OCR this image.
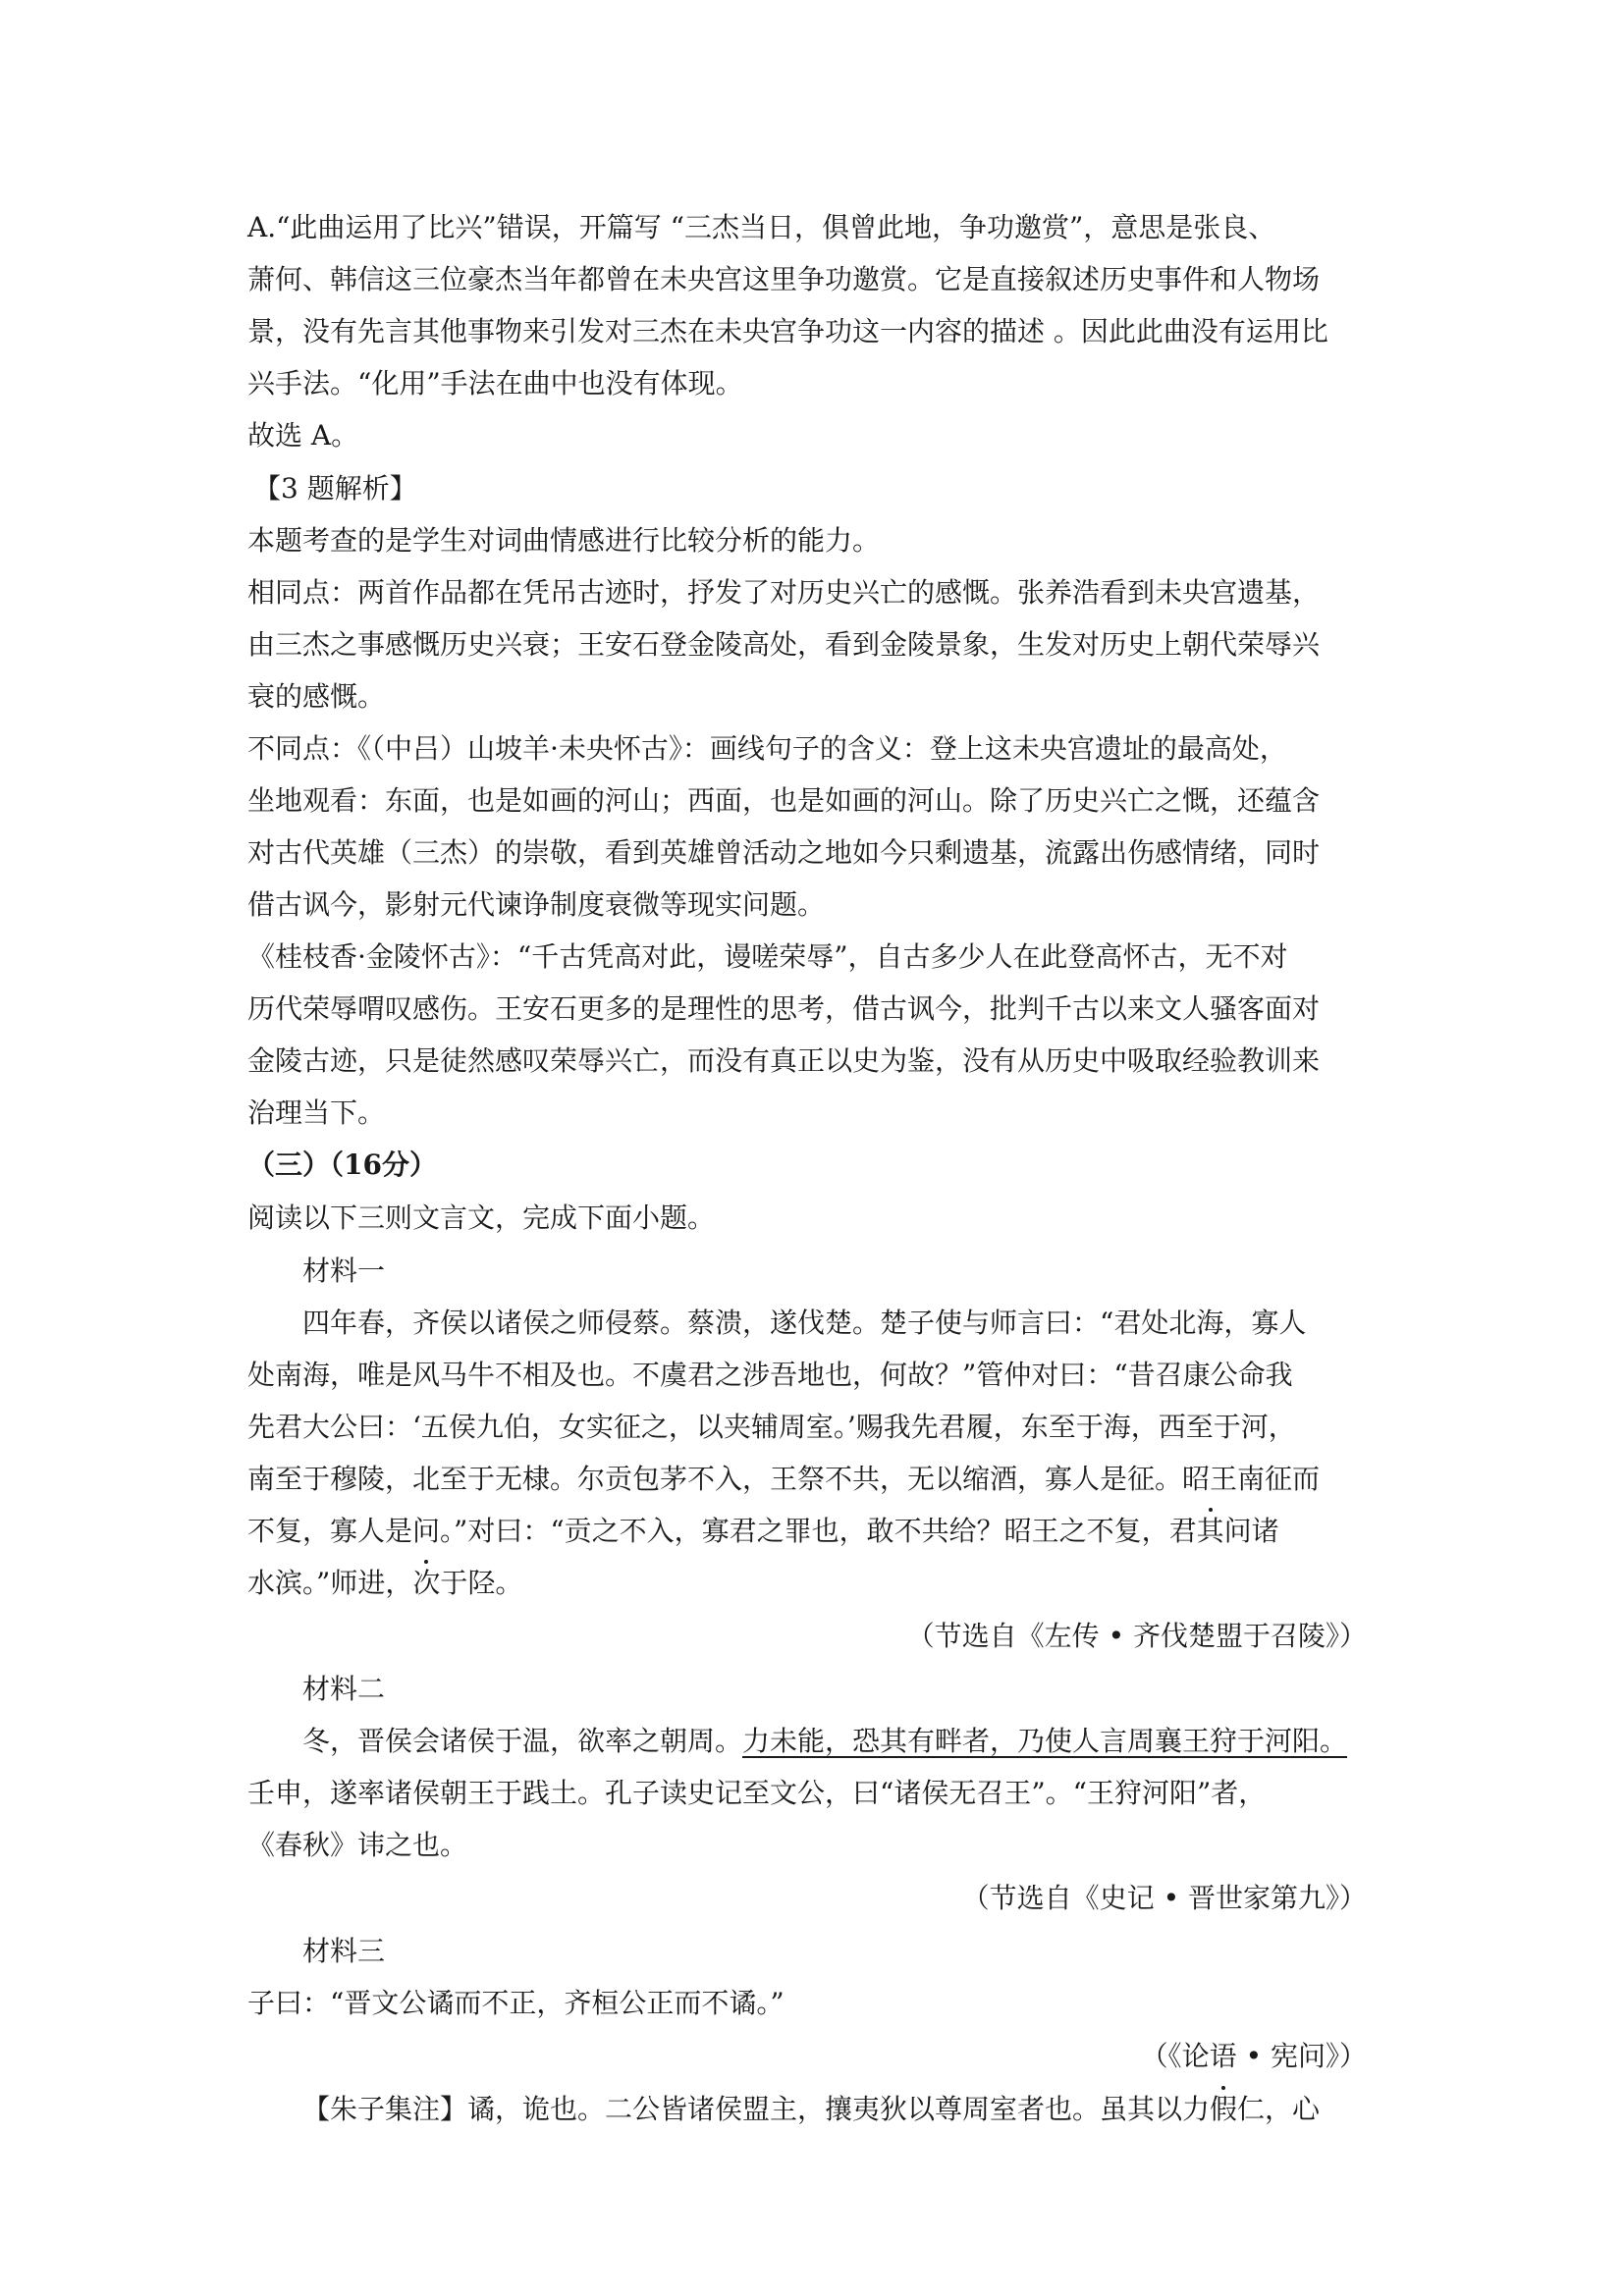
A.“此曲运用了比兴”错误，开篇写 “三杰当日，俱曾此地，争功邀赏”，意思是张良、
萧何、韩信这三位豪杰当年都曾在未央宫这里争功邀赏。它是直接叙述历史事件和人物场
景，没有先言其他事物来引发对三杰在未央宫争功这一内容的描述 。因此此曲没有运用比
兴手法。“化用”手法在曲中也没有体现。
故选 A。
【3 题解析】
本题考查的是学生对词曲情感进行比较分析的能力。
相同点：两首作品都在凭吊古迹时，抒发了对历史兴亡的感慨。张养浩看到未央宫遗基，
由三杰之事感慨历史兴衰；王安石登金陵高处，看到金陵景象，生发对历史上朝代荣辱兴
衰的感慨。
不同点：《（中吕）山坡羊·未央怀古》：画线句子的含义：登上这未央宫遗址的最高处，
坐地观看：东面，也是如画的河山；西面，也是如画的河山。除了历史兴亡之慨，还蕴含
对古代英雄（三杰）的崇敬，看到英雄曾活动之地如今只剩遗基，流露出伤感情绪，同时
借古讽今，影射元代谏诤制度衰微等现实问题。
《桂枝香·金陵怀古》：“千古凭高对此，谩嗟荣辱”，自古多少人在此登高怀古，无不对
历代荣辱喟叹感伤。王安石更多的是理性的思考，借古讽今，批判千古以来文人骚客面对
金陵古迹，只是徒然感叹荣辱兴亡，而没有真正以史为鉴，没有从历史中吸取经验教训来
治理当下。
（三）（16分）
阅读以下三则文言文，完成下面小题。
材料一
四年春，齐侯以诸侯之师侵蔡。蔡溃，遂伐楚。楚子使与师言曰：“君处北海，寡人
处南海，唯是风马牛不相及也。不虞君之涉吾地也，何故？”管仲对曰：“昔召康公命我
先君大公曰：‘五侯九伯，女实征之，以夹辅周室。’赐我先君履，东至于海，西至于河，
南至于穆陵，北至于无棣。尔贡包茅不入，王祭不共，无以缩酒，寡人是征。昭王南征而
不复，寡人是问。”对曰：“贡之不入，寡君之罪也，敢不共给？昭王之不复，君其问诸
水滨。”师进，次于陉。
（节选自《左传 • 齐伐楚盟于召陵》）
材料二
冬，晋侯会诸侯于温，欲率之朝周。力未能，恐其有畔者，乃使人言周襄王狩于河阳。
壬申，遂率诸侯朝王于践土。孔子读史记至文公，曰“诸侯无召王”。“王狩河阳”者，
《春秋》讳之也。
（节选自《史记 • 晋世家第九》）
材料三
子曰：“晋文公谲而不正，齐桓公正而不谲。”
（《论语 • 宪问》）
【朱子集注】谲，诡也。二公皆诸侯盟主，攘夷狄以尊周室者也。虽其以力假仁，心
